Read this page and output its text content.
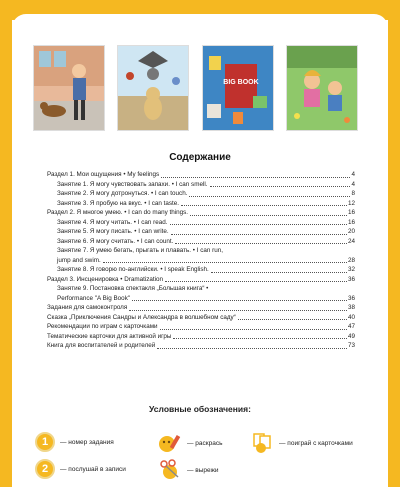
BIG BOOK
Содержание
Раздел 1. Мои ощущения • My feelings	4
Занятие 1. Я могу чувствовать запахи. • I can smell.	4
Занятие 2. Я могу дотронуться. • I can touch.	8
Занятие 3. Я пробую на вкус. • I can taste.	12
Раздел 2. Я многое умею. • I can do many things.	16
Занятие 4. Я могу читать. • I can read.	16
Занятие 5. Я могу писать. • I can write.	20
Занятие 6. Я могу считать. • I can count.	24
Занятие 7. Я умею бегать, прыгать и плавать. • I can run,
jump and swim.	28
Занятие 8. Я говорю по-английски. • I speak English.	32
Раздел 3. Инсценировка • Dramatization	36
Занятие 9. Постановка спектакля „Большая книга“ •
Performance "A Big Book"	36
Задания для самоконтроля	38
Сказка „Приключения Сандры и Александра в волшебном саду“	40
Рекомендации по играм с карточками	47
Тематические карточки для активной игры	49
Книга для воспитателей и родителей	73
Условные обозначения:
1	— номер задания	— раскрась	— поиграй с карточками
2	— послушай в записи	— вырежи
